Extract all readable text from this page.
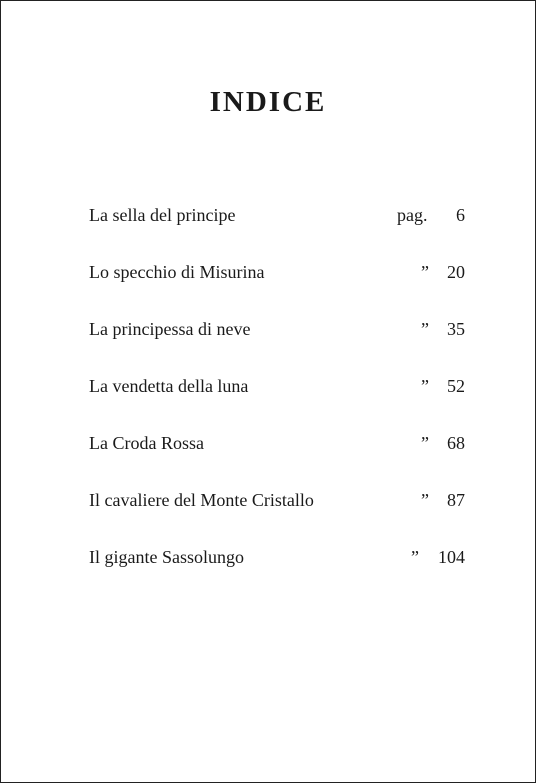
INDICE
La sella del principe	pag. 6
Lo specchio di Misurina	” 20
La principessa di neve	” 35
La vendetta della luna	” 52
La Croda Rossa	” 68
Il cavaliere del Monte Cristallo	” 87
Il gigante Sassolungo	” 104
